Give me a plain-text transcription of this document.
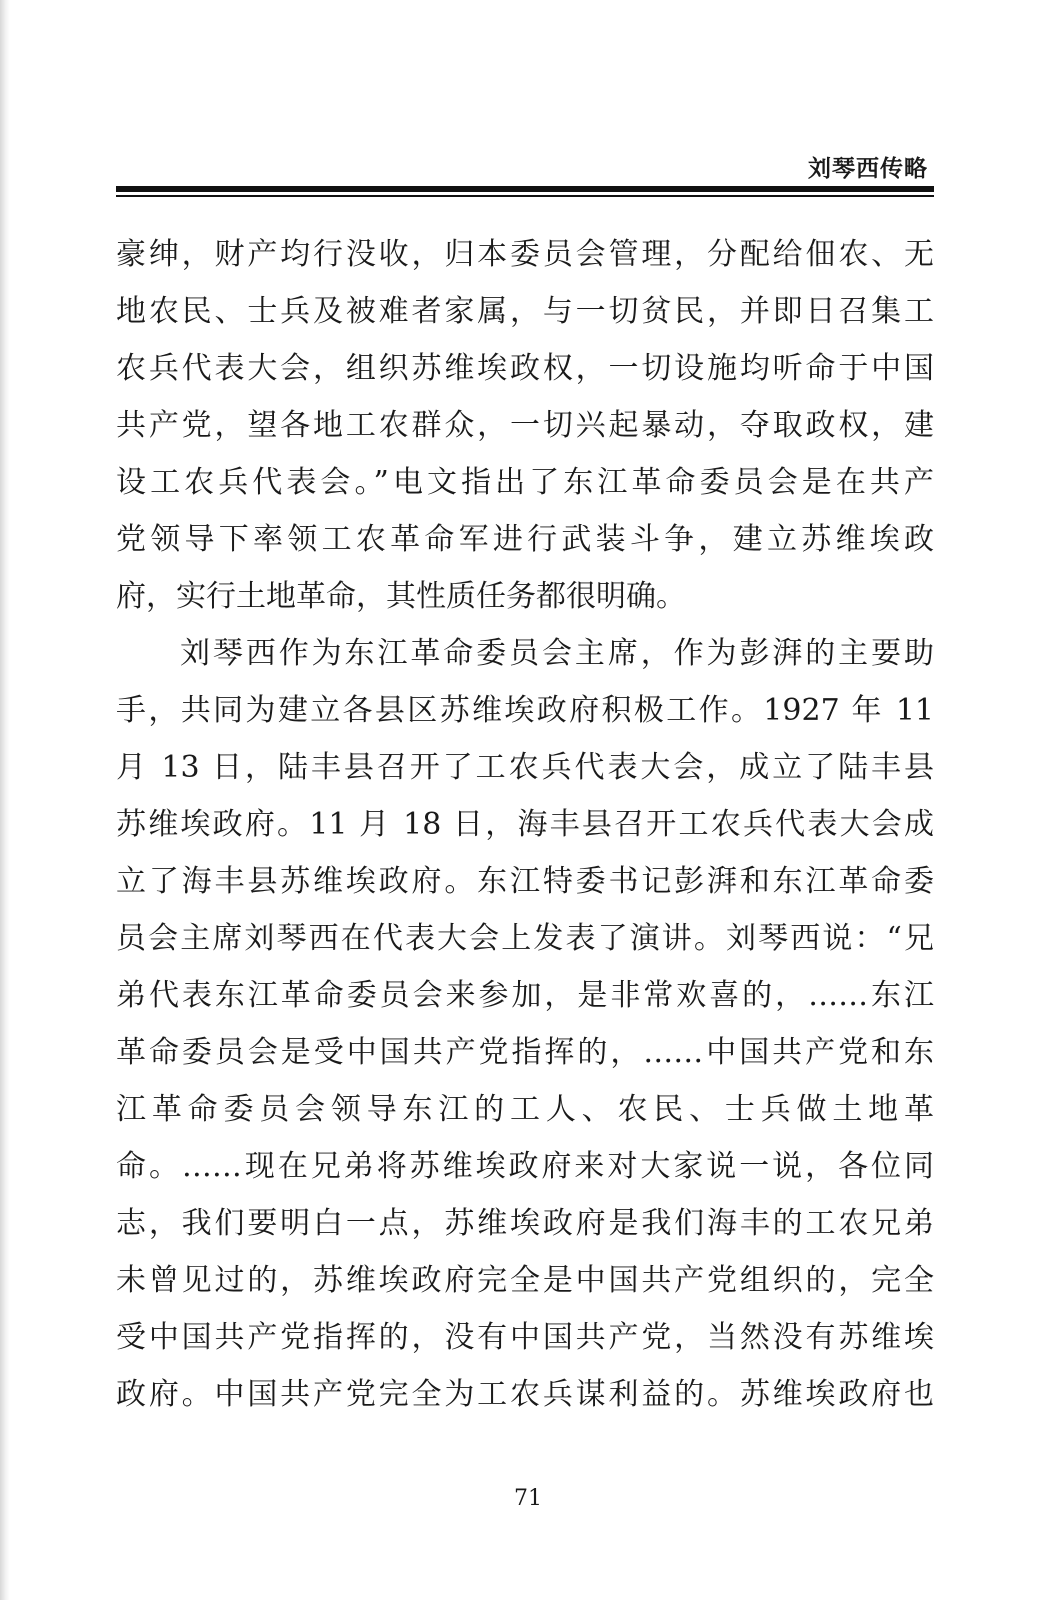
刘琴西传略
豪绅，财产均行没收，归本委员会管理，分配给佃农、无
地农民、士兵及被难者家属，与一切贫民，并即日召集工
农兵代表大会，组织苏维埃政权，一切设施均听命于中国
共产党，望各地工农群众，一切兴起暴动，夺取政权，建
设工农兵代表会。”电文指出了东江革命委员会是在共产
党领导下率领工农革命军进行武装斗争，建立苏维埃政
府，实行土地革命，其性质任务都很明确。
刘琴西作为东江革命委员会主席，作为彭湃的主要助
手，共同为建立各县区苏维埃政府积极工作。1927 年 11
月 13 日，陆丰县召开了工农兵代表大会，成立了陆丰县
苏维埃政府。11 月 18 日，海丰县召开工农兵代表大会成
立了海丰县苏维埃政府。东江特委书记彭湃和东江革命委
员会主席刘琴西在代表大会上发表了演讲。刘琴西说：“兄
弟代表东江革命委员会来参加，是非常欢喜的，……东江
革命委员会是受中国共产党指挥的，……中国共产党和东
江革命委员会领导东江的工人、农民、士兵做土地革
命。……现在兄弟将苏维埃政府来对大家说一说，各位同
志，我们要明白一点，苏维埃政府是我们海丰的工农兄弟
未曾见过的，苏维埃政府完全是中国共产党组织的，完全
受中国共产党指挥的，没有中国共产党，当然没有苏维埃
政府。中国共产党完全为工农兵谋利益的。苏维埃政府也
71
